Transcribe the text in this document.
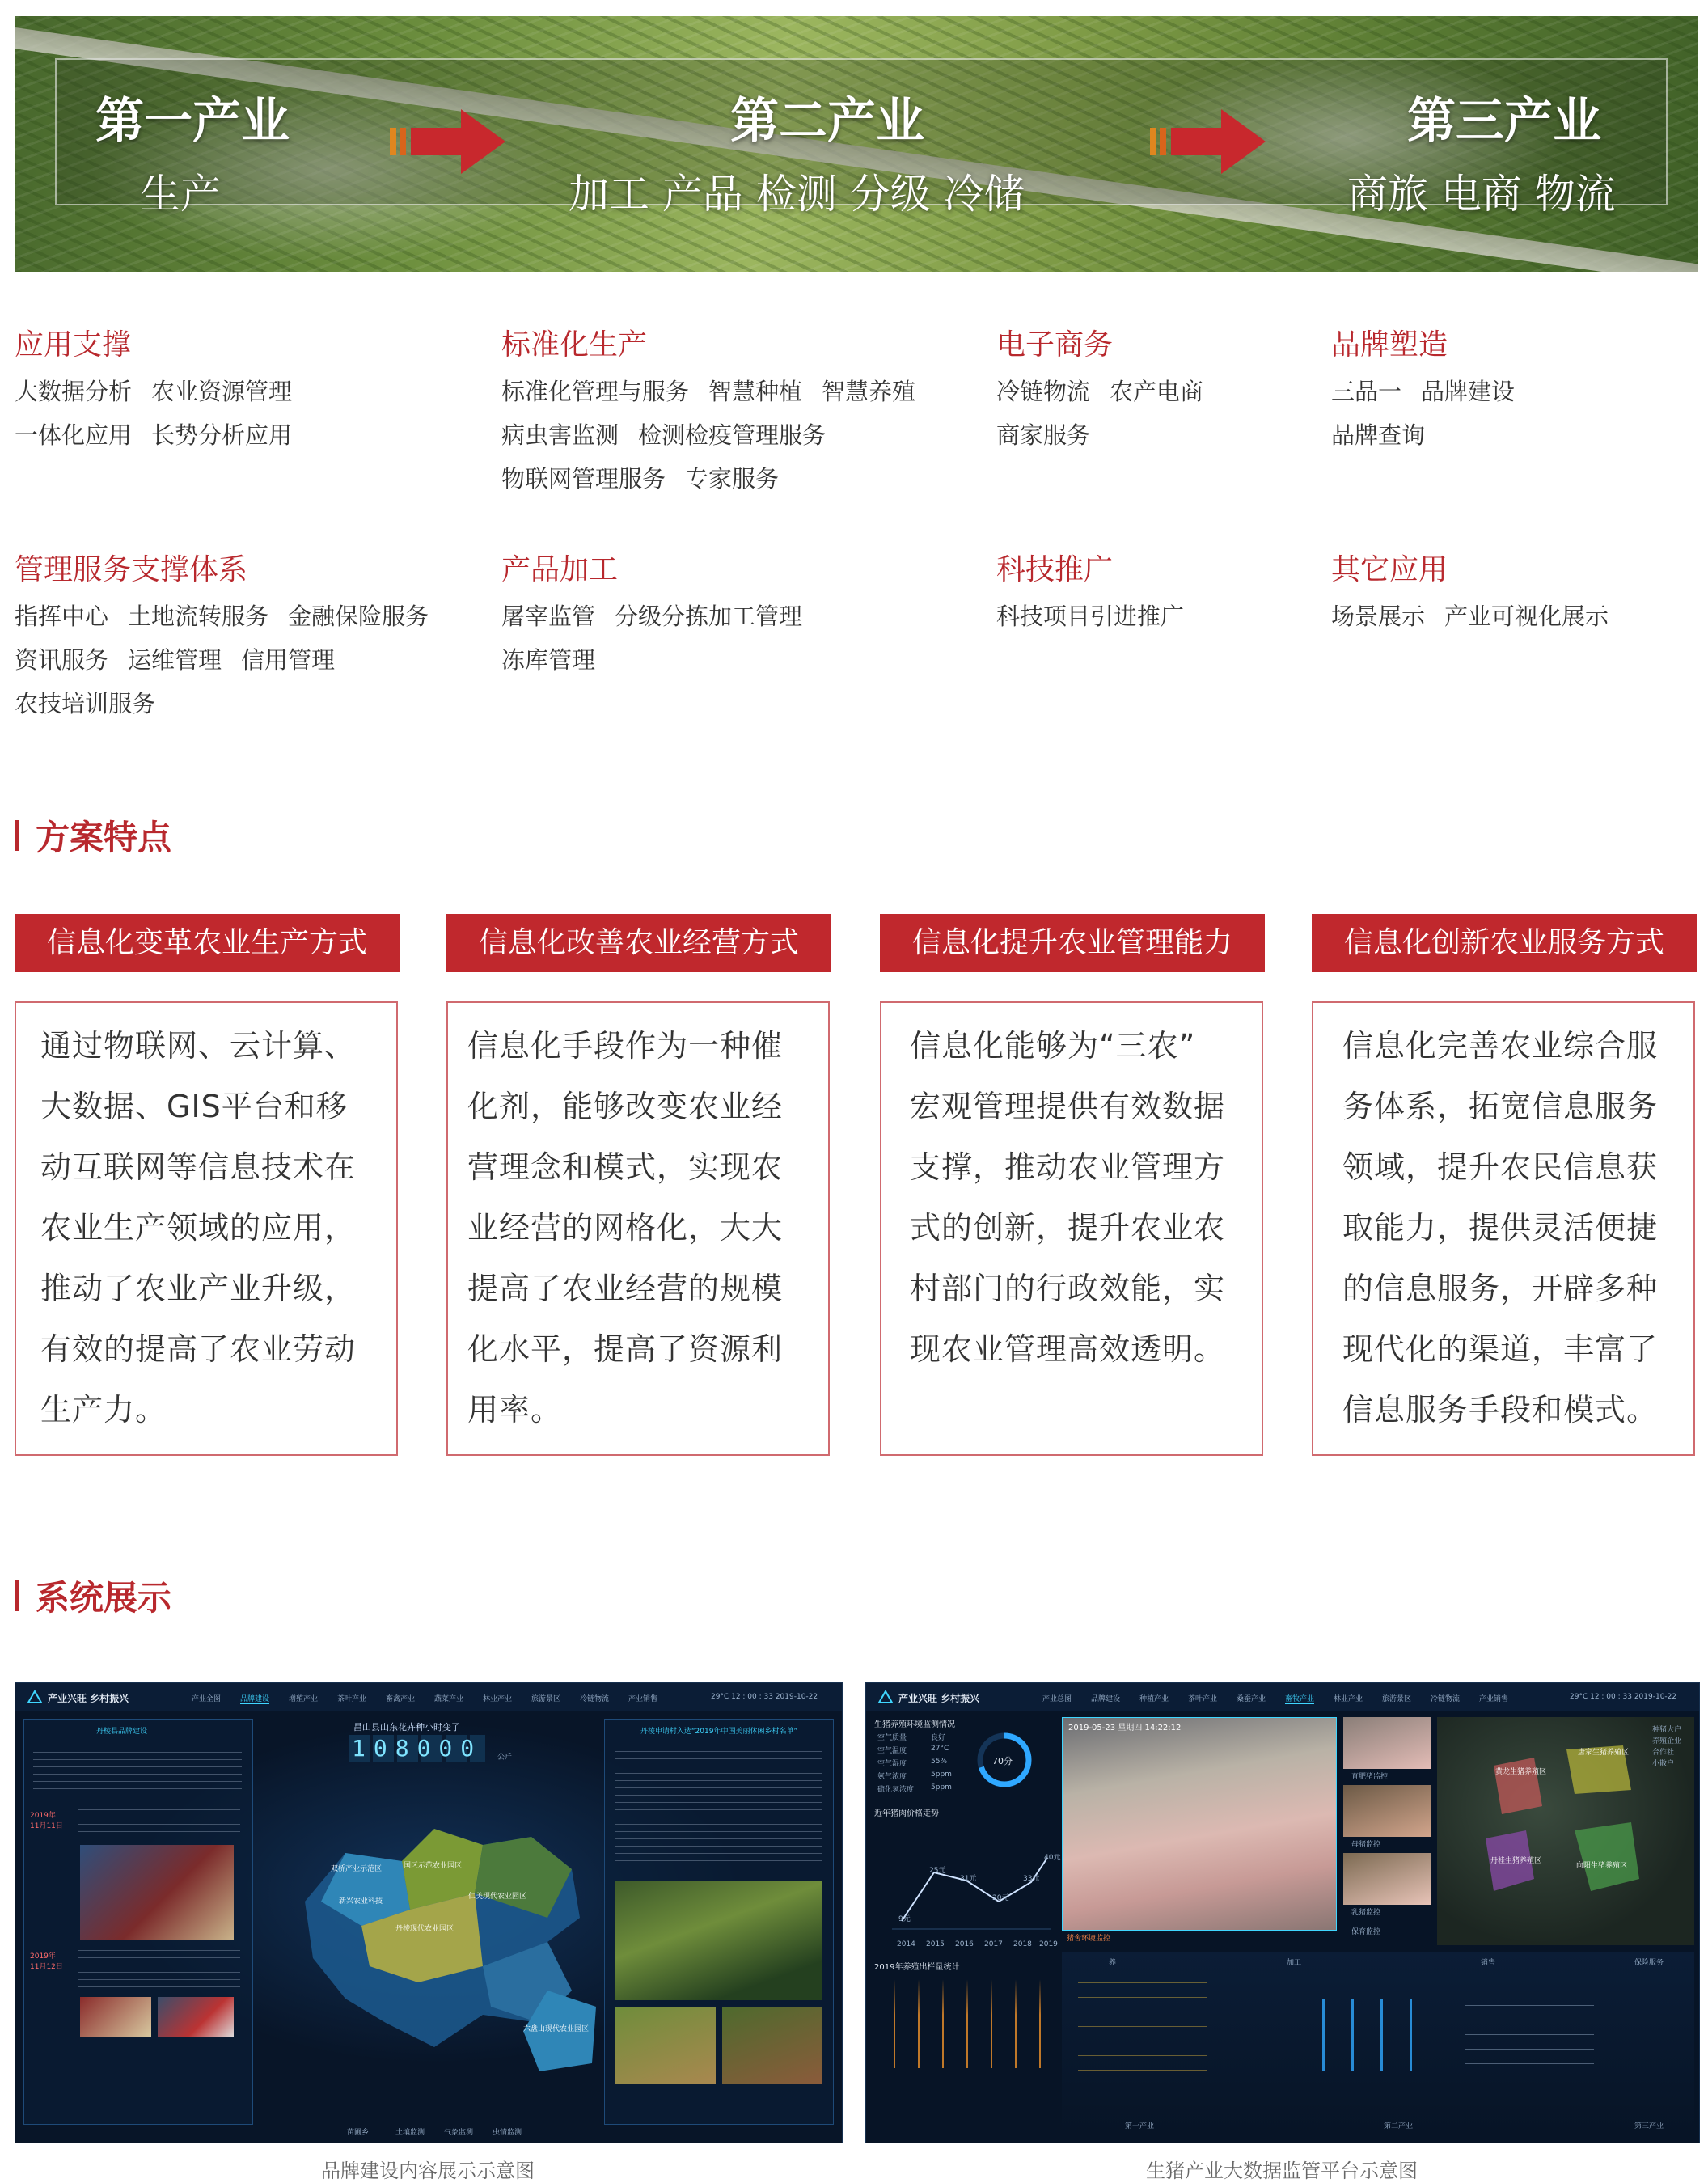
第一产业
生产
第二产业
加工 产品 检测 分级 冷储
第三产业
商旅 电商 物流
应用支撑
大数据分析 农业资源管理
一体化应用 长势分析应用
标准化生产
标准化管理与服务 智慧种植 智慧养殖
病虫害监测 检测检疫管理服务
物联网管理服务 专家服务
电子商务
冷链物流 农产电商
商家服务
品牌塑造
三品一 品牌建设
品牌查询
管理服务支撑体系
指挥中心 土地流转服务 金融保险服务
资讯服务 运维管理 信用管理
农技培训服务
产品加工
屠宰监管 分级分拣加工管理
冻库管理
科技推广
科技项目引进推广
其它应用
场景展示 产业可视化展示
方案特点
信息化变革农业生产方式	信息化改善农业经营方式	信息化提升农业管理能力	信息化创新农业服务方式
通过物联网、云计算、
大数据、GIS平台和移
动互联网等信息技术在
农业生产领域的应用，
推动了农业产业升级，
有效的提高了农业劳动
生产力。
信息化手段作为一种催
化剂，能够改变农业经
营理念和模式，实现农
业经营的网格化，大大
提高了农业经营的规模
化水平，提高了资源利
用率。
信息化能够为“三农”
宏观管理提供有效数据
支撑，推动农业管理方
式的创新，提升农业农
村部门的行政效能，实
现农业管理高效透明。
信息化完善农业综合服
务体系，拓宽信息服务
领域，提升农民信息获
取能力，提供灵活便捷
的信息服务，开辟多种
现代化的渠道，丰富了
信息服务手段和模式。
系统展示
产业兴旺 乡村振兴	产业全图	品牌建设	增殖产业	茶叶产业	畜禽产业	蔬菜产业	林业产业	旅游景区	冷链物流	产业销售	29°C 12 : 00 : 33 2019-10-22
丹棱县品牌建设
2019年
11月11日
2019年
11月12日
昌山县山东花卉种小时变了
108000	公斤
双桥产业示范区	国区示范农业园区
仁美现代农业园区
丹棱现代农业园区
新兴农业科技
六盘山现代农业园区
苗圃乡	土壤监测	气象监测	虫情监测
丹棱申请村入选“2019年中国美丽休闲乡村名单”
品牌建设内容展示示意图
产业兴旺 乡村振兴	产业总图	品牌建设	种植产业	茶叶产业	桑蚕产业	畜牧产业	林业产业	旅游景区	冷链物流	产业销售	29°C 12 : 00 : 33 2019-10-22
生猪养殖环境监测情况
空气质量	良好
空气温度	27°C
空气湿度	55%
氨气浓度	5ppm
硫化氢浓度 5ppm
70分
近年猪肉价格走势
2014 2015 2016 2017 2018 2019
9元
25元
31元
20元
33元
40元
2019年养殖出栏量统计
2019-05-23 星期四 14:22:12
猪舍环境监控
育肥猪监控
母猪监控
乳猪监控
保育监控
黄龙生猪养殖区
唐家生猪养殖区
丹桂生猪养殖区
向阳生猪养殖区
种猪大户
养殖企业
合作社
小散户
养	加工	销售	保险服务
第一产业	第二产业	第三产业
生猪产业大数据监管平台示意图
